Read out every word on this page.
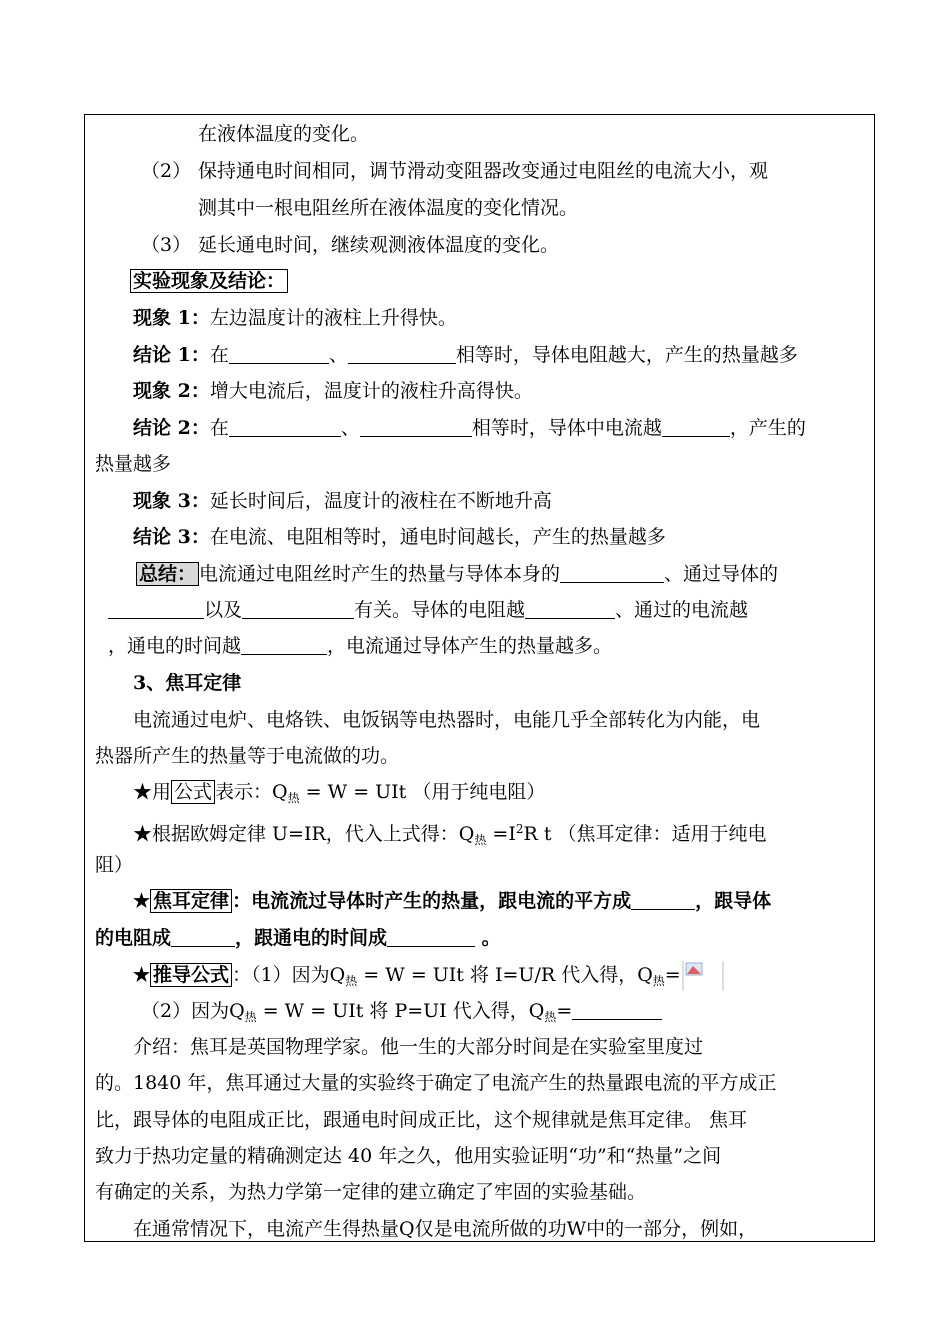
在液体温度的变化。
（2） 保持通电时间相同，调节滑动变阻器改变通过电阻丝的电流大小，观
测其中一根电阻丝所在液体温度的变化情况。
（3） 延长通电时间，继续观测液体温度的变化。
实验现象及结论：
现象 1：左边温度计的液柱上升得快。
结论 1：在	、	相等时，导体电阻越大，产生的热量越多
现象 2：增大电流后，温度计的液柱升高得快。
结论 2：在	、	相等时，导体中电流越	，产生的
热量越多
现象 3：延长时间后，温度计的液柱在不断地升高
结论 3：在电流、电阻相等时，通电时间越长，产生的热量越多
总结： 电流通过电阻丝时产生的热量与导体本身的	、通过导体的
以及	有关。导体的电阻越	、通过的电流越
，通电的时间越	，电流通过导体产生的热量越多。
3、焦耳定律
电流通过电炉、电烙铁、电饭锅等电热器时，电能几乎全部转化为内能，电
热器所产生的热量等于电流做的功。
★用 公式 表示：$Q_热 = W$ = UIt （用于纯电阻）
★根据欧姆定律 U=IR，代入上式得：$Q_热 =I^2R$ t （焦耳定律：适用于纯电
阻）
★ 焦耳定律 ：电流流过导体时产生的热量，跟电流的平方成	，跟导体
的电阻成	，跟通电的时间成	。
★ 推导公式 ：（1）因为$Q_热 = W$ = UIt 将 I=U/R 代入得，$Q_热=$
（2）因为$Q_热 = W$ = UIt 将 P=UI 代入得，$Q_热=$
介绍：焦耳是英国物理学家。他一生的大部分时间是在实验室里度过
的。1840 年，焦耳通过大量的实验终于确定了电流产生的热量跟电流的平方成正
比，跟导体的电阻成正比，跟通电时间成正比，这个规律就是焦耳定律。 焦耳
致力于热功定量的精确测定达 40 年之久，他用实验证明“功”和“热量”之间
有确定的关系，为热力学第一定律的建立确定了牢固的实验基础。
在通常情况下，电流产生得热量Q仅是电流所做的功W中的一部分，例如，
